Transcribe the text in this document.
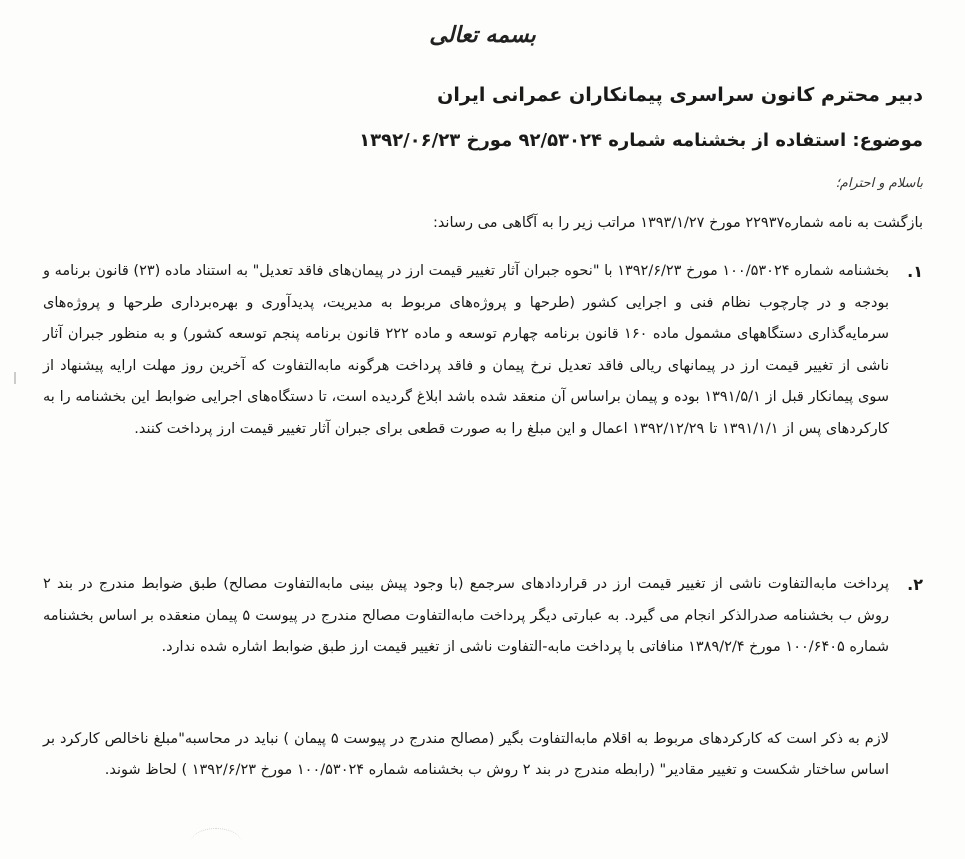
بسمه تعالی
دبیر محترم کانون سراسری پیمانکاران عمرانی ایران
موضوع: استفاده از بخشنامه شماره ۹۲/۵۳۰۲۴ مورخ ۱۳۹۲/۰۶/۲۳
باسلام و احترام؛
بازگشت به نامه شماره۲۲۹۳۷ مورخ ۱۳۹۳/۱/۲۷ مراتب زیر را به آگاهی می رساند:
۱.
بخشنامه شماره ۱۰۰/۵۳۰۲۴ مورخ ۱۳۹۲/۶/۲۳ با "نحوه جبران آثار تغییر قیمت ارز در پیمان‌های فاقد تعدیل" به استناد ماده (۲۳) قانون برنامه و بودجه و در چارچوب نظام فنی و اجرایی کشور (طرحها و پروژه‌های مربوط به مدیریت، پدیدآوری و بهره‌برداری طرحها و پروژه‌های سرمایه‌گذاری دستگاههای مشمول ماده ۱۶۰ قانون برنامه چهارم توسعه و ماده ۲۲۲ قانون برنامه پنجم توسعه کشور) و به منظور جبران آثار ناشی از تغییر قیمت ارز در پیمانهای ریالی فاقد تعدیل نرخ پیمان و فاقد پرداخت هرگونه مابه‌التفاوت که آخرین روز مهلت ارایه پیشنهاد از سوی پیمانکار قبل از ۱۳۹۱/۵/۱ بوده و پیمان براساس آن منعقد شده باشد ابلاغ گردیده است، تا دستگاه‌های اجرایی ضوابط این بخشنامه را به کارکردهای پس از ۱۳۹۱/۱/۱ تا ۱۳۹۲/۱۲/۲۹ اعمال و این مبلغ را به صورت قطعی برای جبران آثار تغییر قیمت ارز پرداخت کنند.
۲.
پرداخت مابه‌التفاوت ناشی از تغییر قیمت ارز در قراردادهای سرجمع (با وجود پیش بینی مابه‌التفاوت مصالح) طبق ضوابط مندرج در بند ۲ روش ب بخشنامه صدرالذکر انجام می گیرد. به عبارتی دیگر پرداخت مابه‌التفاوت مصالح مندرج در پیوست ۵ پیمان منعقده بر اساس بخشنامه شماره ۱۰۰/۶۴۰۵ مورخ ۱۳۸۹/۲/۴ منافاتی با پرداخت مابه‌-التفاوت ناشی از تغییر قیمت ارز طبق ضوابط اشاره شده ندارد.
لازم به ذکر است که کارکردهای مربوط به اقلام مابه‌التفاوت بگیر (مصالح مندرج در پیوست ۵ پیمان ) نباید در محاسبه"مبلغ ناخالص کارکرد بر اساس ساختار شکست و تغییر مقادیر" (رابطه مندرج در بند ۲ روش ب بخشنامه شماره ۱۰۰/۵۳۰۲۴ مورخ ۱۳۹۲/۶/۲۳ ) لحاظ شوند.
